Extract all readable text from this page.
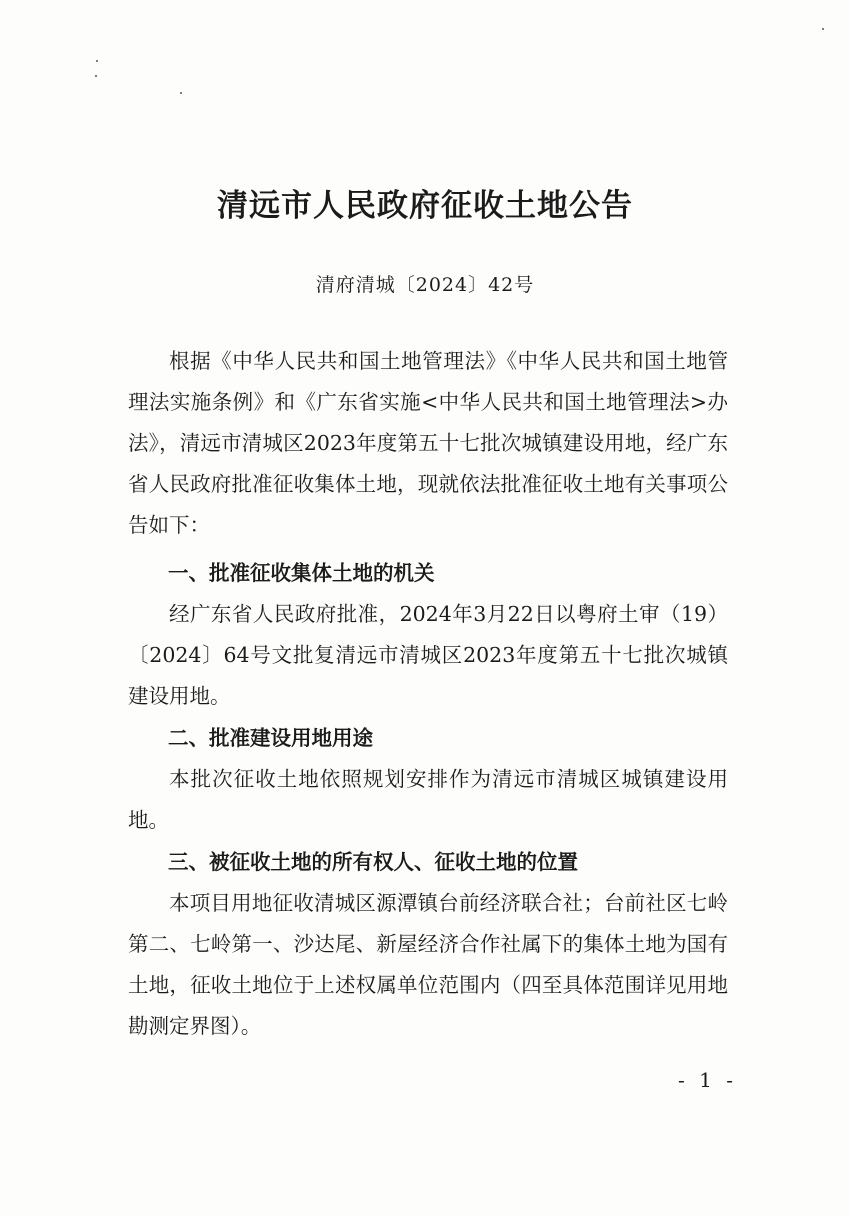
清远市人民政府征收土地公告
清府清城〔2024〕42号

根据《中华人民共和国土地管理法》《中华人民共和国土地管理法实施条例》和《广东省实施<中华人民共和国土地管理法>办法》，清远市清城区2023年度第五十七批次城镇建设用地，经广东省人民政府批准征收集体土地，现就依法批准征收土地有关事项公告如下：

一、批准征收集体土地的机关

经广东省人民政府批准，2024年3月22日以粤府土审（19）〔2024〕64号文批复清远市清城区2023年度第五十七批次城镇建设用地。

二、批准建设用地用途

本批次征收土地依照规划安排作为清远市清城区城镇建设用地。

三、被征收土地的所有权人、征收土地的位置

本项目用地征收清城区源潭镇台前经济联合社；台前社区七岭第二、七岭第一、沙达尾、新屋经济合作社属下的集体土地为国有土地，征收土地位于上述权属单位范围内（四至具体范围详见用地勘测定界图）。

- 1 -
